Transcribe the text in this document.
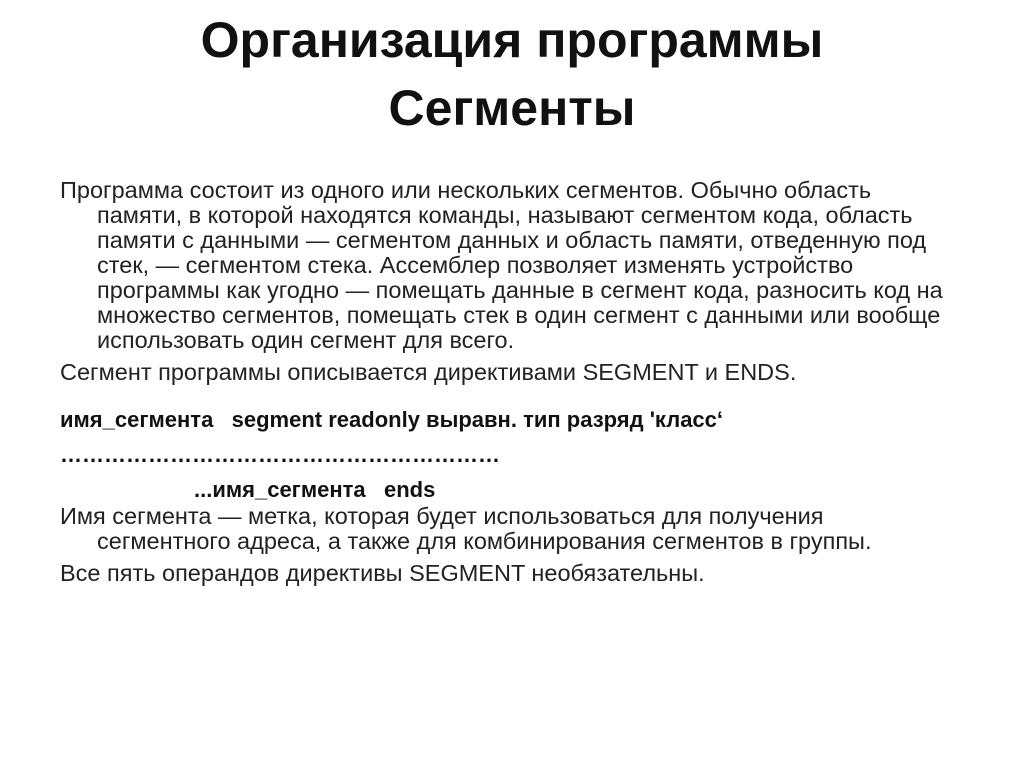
Организация программы
Сегменты

Программа состоит из одного или нескольких сегментов. Обычно область памяти, в которой находятся команды, называют сегментом кода, область памяти с данными — сегментом данных и область памяти, отведенную под стек, — сегментом стека. Ассемблер позволяет изменять устройство программы как угодно — помещать данные в сегмент кода, разносить код на множество сегментов, помещать стек в один сегмент с данными или вообще использовать один сегмент для всего.

Сегмент программы описывается директивами SEGMENT и ENDS.

имя_сегмента   segment readonly выравн. тип разряд 'класс‘

……………………………………………………

...имя_сегмента   ends

Имя сегмента — метка, которая будет использоваться для получения сегментного адреса, а также для комбинирования сегментов в группы.

Все пять операндов директивы SEGMENT необязательны.
